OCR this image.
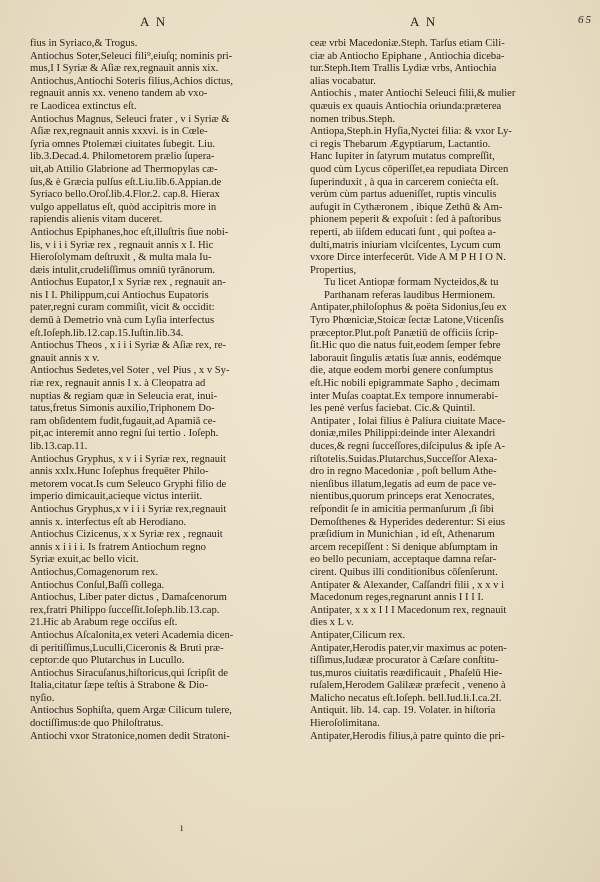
A N	A N	65
fius in Syriaco,& Trogus.
Antiochus Soter,Seleuci fili⁹,eiuſq; nominis pri-
mus,I I Syriæ & Aſiæ rex,regnauit annis xix.
Antiochus,Antiochi Soteris filius,Achios dictus,
regnauit annis xx. veneno tandem ab vxo-
re Laodicea extinctus eſt.
Antiochus Magnus, Seleuci frater , v i Syriæ &
Aſiæ rex,regnauit annis xxxvi. is in Cœle-
ſyria omnes Ptolemæi ciuitates ſubegit. Liu.
lib.3.Decad.4. Philometorem prælio ſupera-
uit,ab Attilio Glabrione ad Thermopylas cæ-
ſus,& è Græcia pulſus eſt.Liu.lib.6.Appian.de
Syriaco bello.Oroſ.lib.4.Flor.2. cap.8. Hierax
vulgo appellatus eſt, quòd accipitris more in
rapiendis alienis vitam duceret.
Antiochus Epiphanes,hoc eſt,illuſtris ſiue nobi-
lis, v i i i Syriæ rex , regnauit annis x I. Hic
Hieroſolymam deſtruxit , & multa mala Iu-
dæis intulit,crudeliſſimus omniū tyrānorum.
Antiochus Eupator,I x Syriæ rex , regnauit an-
nis I I. Philippum,cui Antiochus Eupatoris
pater,regni curam commiſit, vicit & occidit:
demū à Demetrio vnà cum Lyſia interfectus
eſt.Ioſeph.lib.12.cap.15.Iuſtin.lib.34.
Antiochus Theos , x i i i Syriæ & Aſiæ rex, re-
gnauit annis x v.
Antiochus Sedetes,vel Soter , vel Pius , x v Sy-
riæ rex, regnauit annis I x. à Cleopatra ad
nuptias & regiam quæ in Seleucia erat, inui-
tatus,fretus Simonis auxilio,Triphonem Do-
ram obſidentem fudit,fugauit,ad Apamiā ce-
pit,ac interemit anno regni ſui tertio . Ioſeph.
lib.13.cap.11.
Antiochus Gryphus, x v i i Syriæ rex, regnauit
annis xxIx.Hunc Ioſephus frequēter Philo-
metorem vocat.Is cum Seleuco Gryphi filio de
imperio dimicauit,acieque victus interiit.
Antiochus Gryphus,x v i i i Syriæ rex,regnauit
annis x. interfectus eſt ab Herodiano.
Antiochus Cizicenus, x x Syriæ rex , regnauit
annis x i i i i. Is fratrem Antiochum regno
Syriæ exuit,ac bello vicit.
Antiochus,Comagenorum rex.
Antiochus Conſul,Baſſi collega.
Antiochus, Liber pater dictus , Damaſcenorum
rex,fratri Philippo ſucceſſit.Ioſeph.lib.13.cap.
21.Hic ab Arabum rege occiſus eſt.
Antiochus Aſcalonita,ex veteri Academia dicen-
di peritiſſimus,Luculli,Ciceronis & Bruti præ-
ceptor:de quo Plutarchus in Lucullo.
Antiochus Siracuſanus,hiſtoricus,qui ſcripſit de
Italia,citatur ſæpe teſtis à Strabone & Dio-
nyſio.
Antiochus Sophiſta, quem Argæ Cilicum tulere,
doctiſſimus:de quo Philoſtratus.
Antiochi vxor Stratonice,nomen dedit Stratoni-
ceæ vrbi Macedoniæ.Steph. Tarſus etiam Cili-
ciæ ab Antiocho Epiphane , Antiochia diceba-
tur.Steph.Item Trallis Lydiæ vrbs, Antiochia
alias vocabatur.
Antiochis , mater Antiochi Seleuci filii,& mulier
quæuis ex quauis Antiochia oriunda:præterea
nomen tribus.Steph.
Antiopa,Steph.in Hyſia,Nyctei filia: & vxor Ly-
ci regis Thebarum Ægyptiarum, Lactantio.
Hanc Iupiter in ſatyrum mutatus compreſſit,
quod cùm Lycus cōperiſſet,ea repudiata Dircen
ſuperinduxit , à qua in carcerem conieċta eſt.
verùm cùm partus adueniſſet, ruptis vinculis
aufugit in Cythæronem , ibique Zethū & Am-
phionem peperit & expoſuit : ſed à paſtoribus
reperti, ab iiſdem educati ſunt , qui poſtea a-
dulti,matris iniuriam vlciſcentes, Lycum cum
vxore Dirce interfecerūt. Vide A M P H I O N.
Propertius,
Tu licet Antiopæ formam Nycteidos,& tu
Parthanam referas laudibus Hermionem.
Antipater,philoſophus & poëta Sidonius,ſeu ex
Tyro Phœniciæ,Stoicæ ſectæ Latone,Vticenſis
præceptor.Plut.poſt Panætiū de officiis ſcrip-
ſit.Hic quo die natus fuit,eodem ſemper febre
laborauit ſingulis ætatis ſuæ annis, eodémque
die, atque eodem morbi genere conſumptus
eſt.Hic nobili epigrammate Sapho , decimam
inter Muſas coaptat.Ex tempore innumerabi-
les penè verſus faciebat. Cic.& Quintil.
Antipater , Iolai filius è Paliura ciuitate Mace-
doniæ,miles Philippi:deinde inter Alexandri
duces,& regni ſucceſſores,diſcipulus & ipſe A-
riſtotelis.Suidas.Plutarchus,Succeſſor Alexa-
dro in regno Macedoniæ , poſt bellum Athe-
nienſibus illatum,legatis ad eum de pace ve-
nientibus,quorum princeps erat Xenocrates,
reſpondit ſe in amicitia permanſurum ,ſi ſibi
Demoſthenes & Hyperides dederentur: Si eius
præſidium in Munichian , id eſt, Athenarum
arcem recepiſſent : Si denique abſumptam in
eo bello pecuniam, acceptaque damna reſar-
cirent. Quibus illi conditionibus cōſenſerunt.
Antipater & Alexander, Caſſandri filii , x x v i
Macedonum reges,regnarunt annis I I I I.
Antipater, x x x I I I Macedonum rex, regnauit
dies x L v.
Antipater,Cilicum rex.
Antipater,Herodis pater,vir maximus ac poten-
tiſſimus,Iudææ procurator à Cæſare conſtitu-
tus,muros ciuitatis reædificauit , Phaſelū Hie-
ruſalem,Herodem Galilææ præfecit , veneno à
Malicho necatus eſt.Ioſeph. bell.Iud.li.I.ca.2I.
Antiquit. lib. 14. cap. 19. Volater. in hiſtoria
Hieroſolimitana.
Antipater,Herodis filius,à patre quinto die pri-
ı
